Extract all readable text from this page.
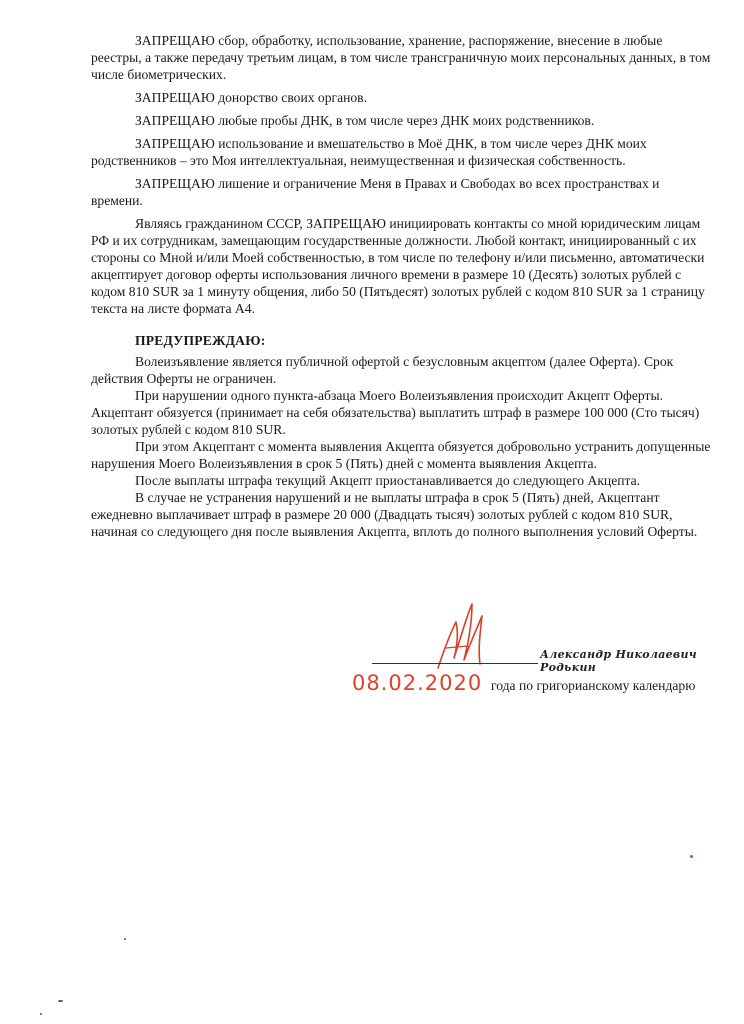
ЗАПРЕЩАЮ сбор, обработку, использование, хранение, распоряжение, внесение в любые реестры, а также передачу третьим лицам, в том числе трансграничную моих персональных данных, в том числе биометрических.

ЗАПРЕЩАЮ донорство своих органов.

ЗАПРЕЩАЮ любые пробы ДНК, в том числе через ДНК моих родственников.

ЗАПРЕЩАЮ использование и вмешательство в Моё ДНК, в том числе через ДНК моих родственников – это Моя интеллектуальная, неимущественная и физическая собственность.

ЗАПРЕЩАЮ лишение и ограничение Меня в Правах и Свободах во всех пространствах и времени.

Являясь гражданином СССР, ЗАПРЕЩАЮ инициировать контакты со мной юридическим лицам РФ и их сотрудникам, замещающим государственные должности. Любой контакт, инициированный с их стороны со Мной и/или Моей собственностью, в том числе по телефону и/или письменно, автоматически акцептирует договор оферты использования личного времени в размере 10 (Десять) золотых рублей с кодом 810 SUR за 1 минуту общения, либо 50 (Пятьдесят) золотых рублей с кодом 810 SUR за 1 страницу текста на листе формата А4.

ПРЕДУПРЕЖДАЮ:

Волеизъявление является публичной офертой с безусловным акцептом (далее Оферта). Срок действия Оферты не ограничен.

При нарушении одного пункта-абзаца Моего Волеизъявления происходит Акцепт Оферты. Акцептант обязуется (принимает на себя обязательства) выплатить штраф в размере 100 000 (Сто тысяч) золотых рублей с кодом 810 SUR.

При этом Акцептант с момента выявления Акцепта обязуется добровольно устранить допущенные нарушения Моего Волеизъявления в срок 5 (Пять) дней с момента выявления Акцепта.

После выплаты штрафа текущий Акцепт приостанавливается до следующего Акцепта.

В случае не устранения нарушений и не выплаты штрафа в срок 5 (Пять) дней, Акцептант ежедневно выплачивает штраф в размере 20 000 (Двадцать тысяч) золотых рублей с кодом 810 SUR, начиная со следующего дня после выявления Акцепта, вплоть до полного выполнения условий Оферты.

Александр Николаевич Родькин
08.02.2020 года по григорианскому календарю
